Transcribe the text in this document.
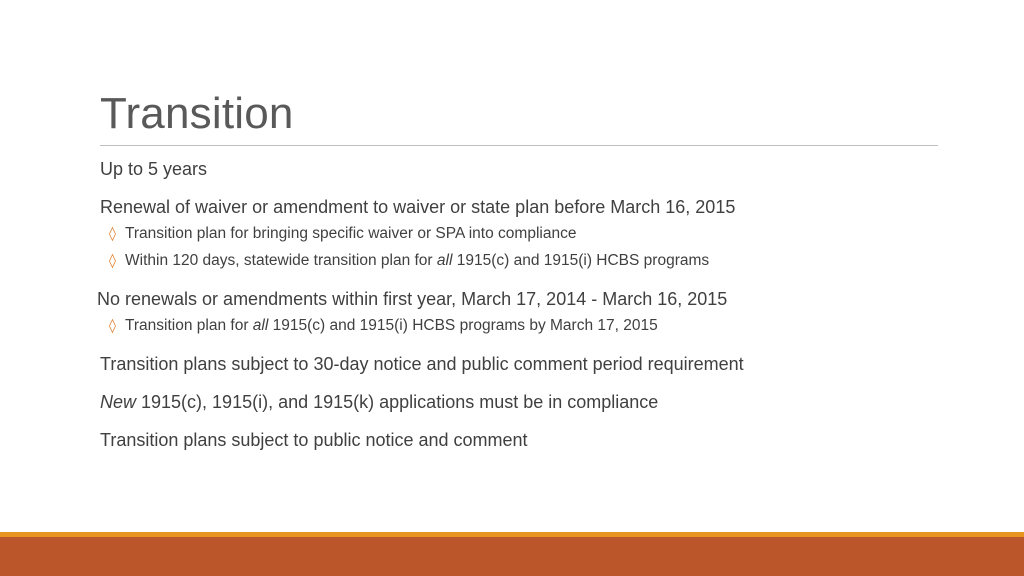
Transition
Up to 5 years
Renewal of waiver or amendment to waiver or state plan before March 16, 2015
◊ Transition plan for bringing specific waiver or SPA into compliance
◊ Within 120 days, statewide transition plan for all 1915(c) and 1915(i) HCBS programs
No renewals or amendments within first year, March 17, 2014 - March 16, 2015
◊ Transition plan for all 1915(c) and 1915(i) HCBS programs by March 17, 2015
Transition plans subject to 30-day notice and public comment period requirement
New 1915(c), 1915(i), and 1915(k) applications must be in compliance
Transition plans subject to public notice and comment
